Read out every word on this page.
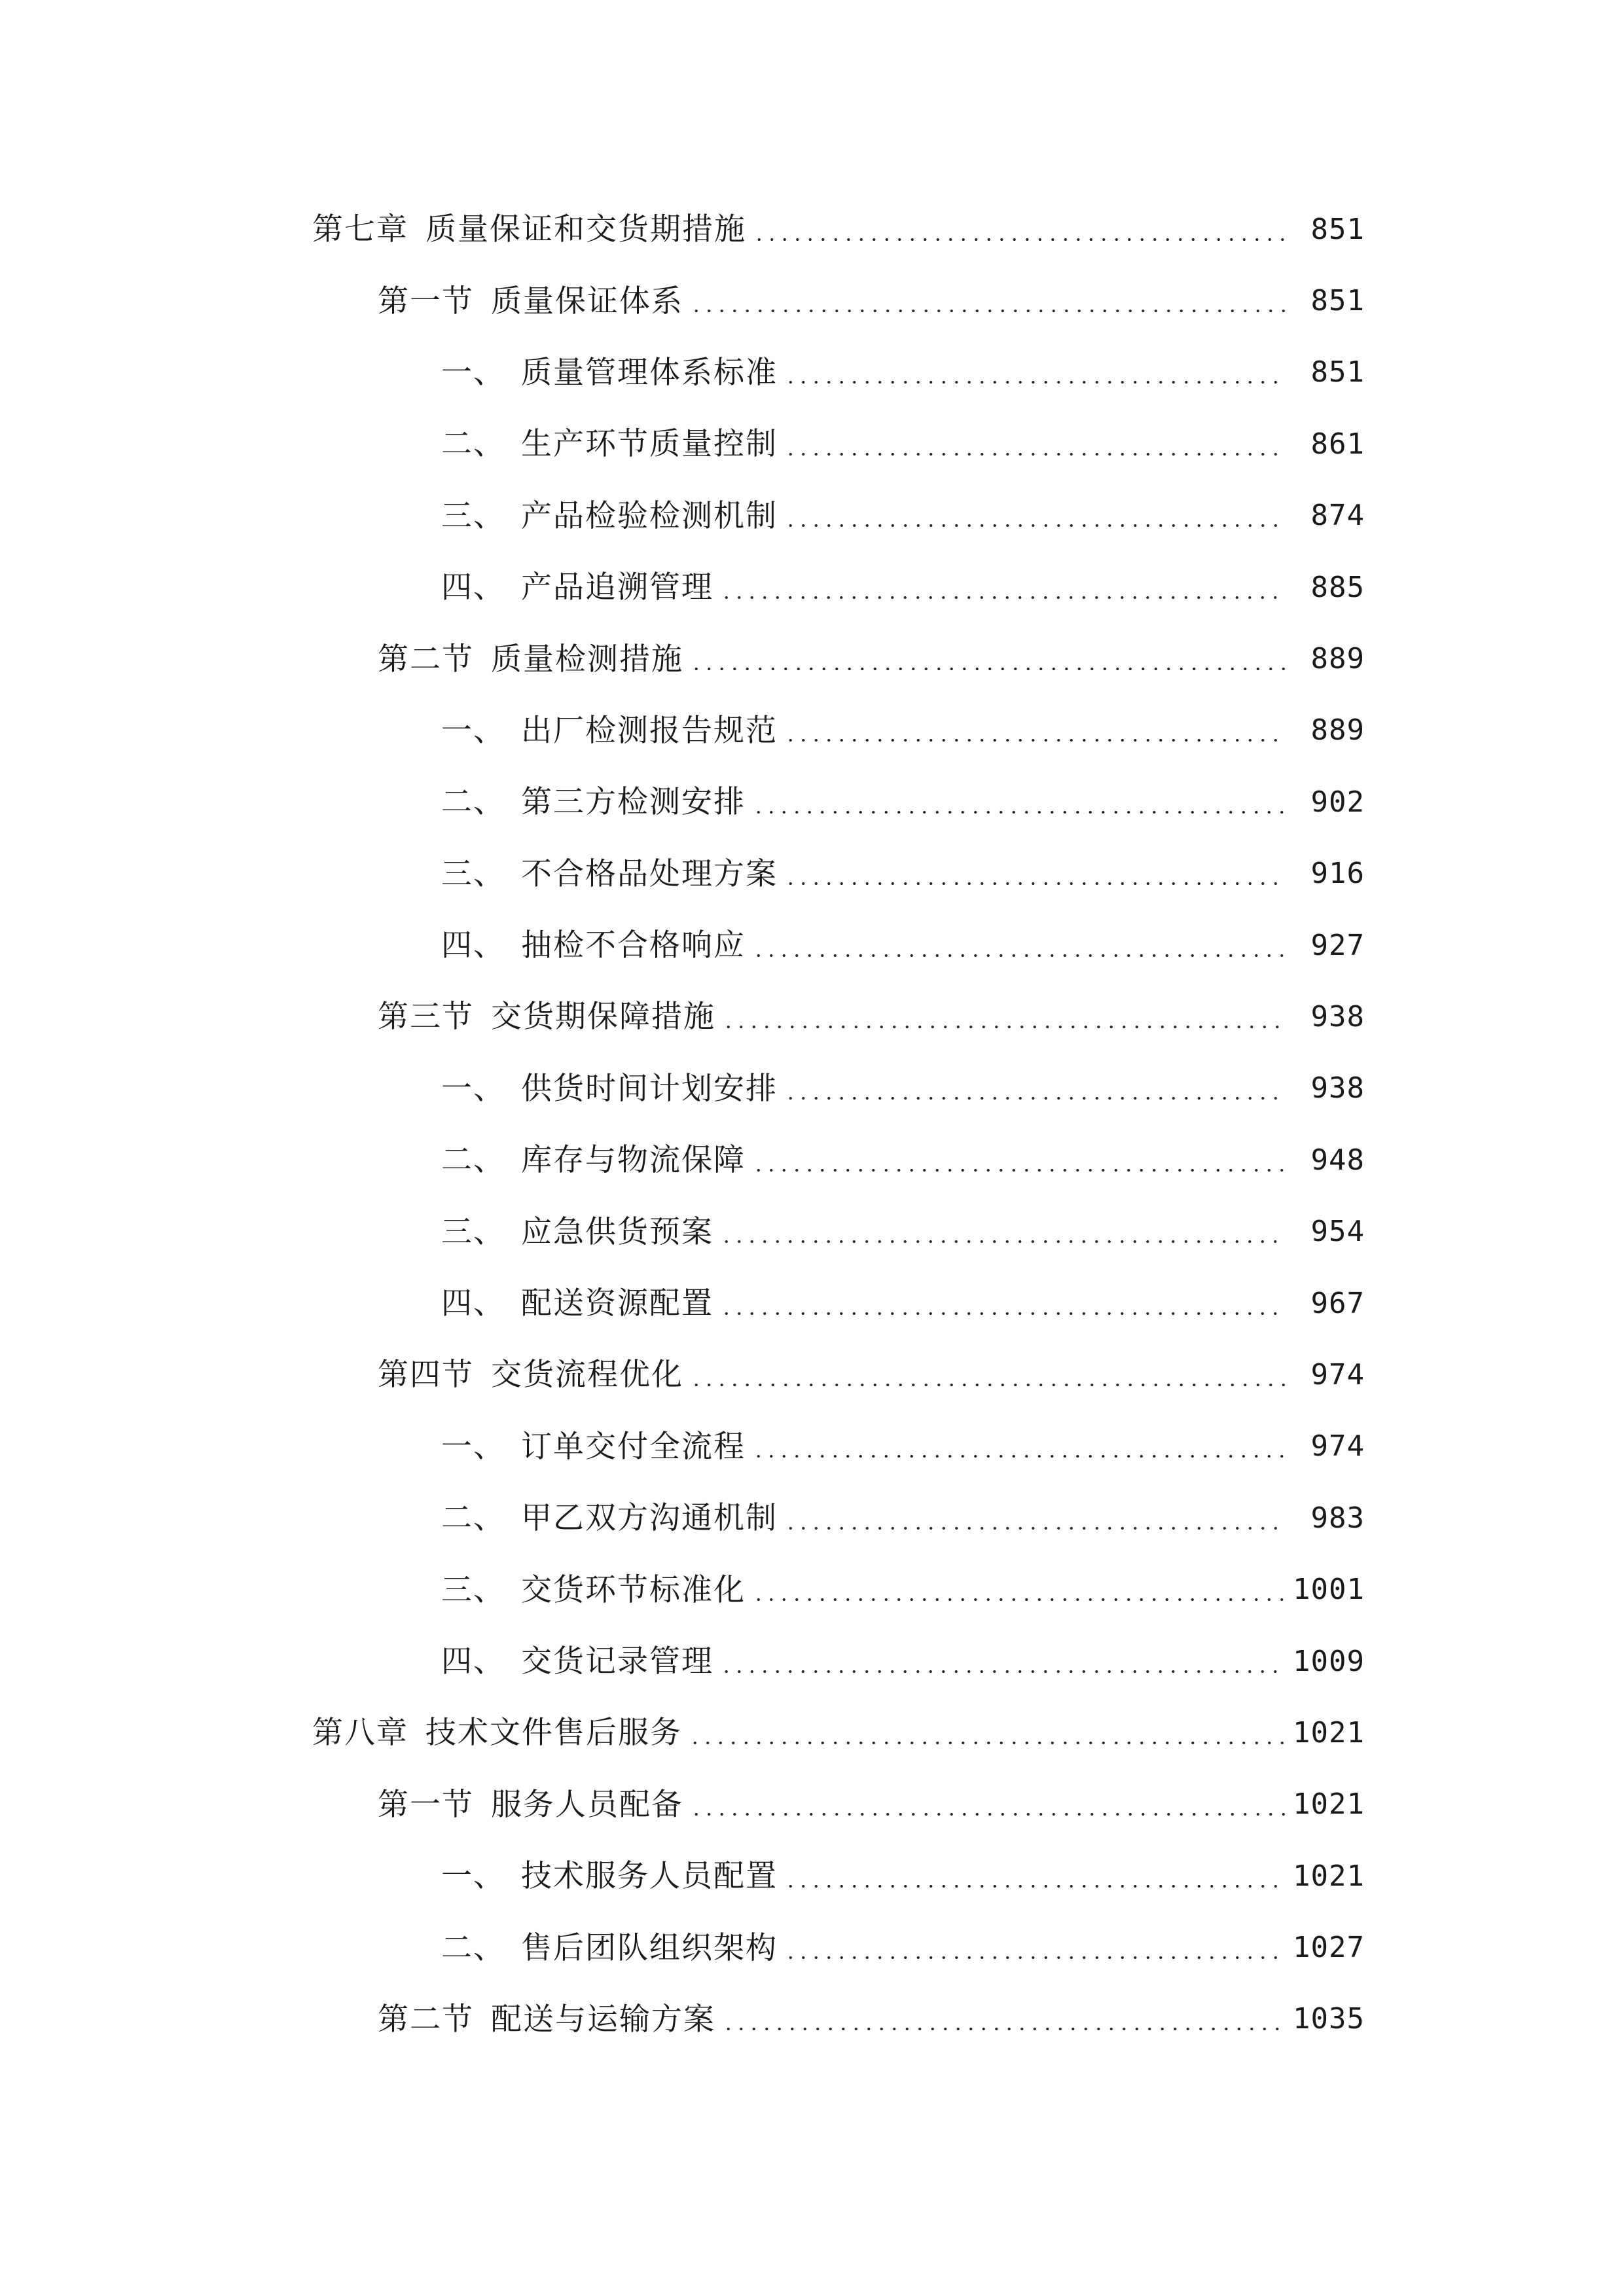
第七章 质量保证和交货期措施	851
第一节 质量保证体系	851
一、 质量管理体系标准	851
二、 生产环节质量控制	861
三、 产品检验检测机制	874
四、 产品追溯管理	885
第二节 质量检测措施	889
一、 出厂检测报告规范	889
二、 第三方检测安排	902
三、 不合格品处理方案	916
四、 抽检不合格响应	927
第三节 交货期保障措施	938
一、 供货时间计划安排	938
二、 库存与物流保障	948
三、 应急供货预案	954
四、 配送资源配置	967
第四节 交货流程优化	974
一、 订单交付全流程	974
二、 甲乙双方沟通机制	983
三、 交货环节标准化	1001
四、 交货记录管理	1009
第八章 技术文件售后服务	1021
第一节 服务人员配备	1021
一、 技术服务人员配置	1021
二、 售后团队组织架构	1027
第二节 配送与运输方案	1035
